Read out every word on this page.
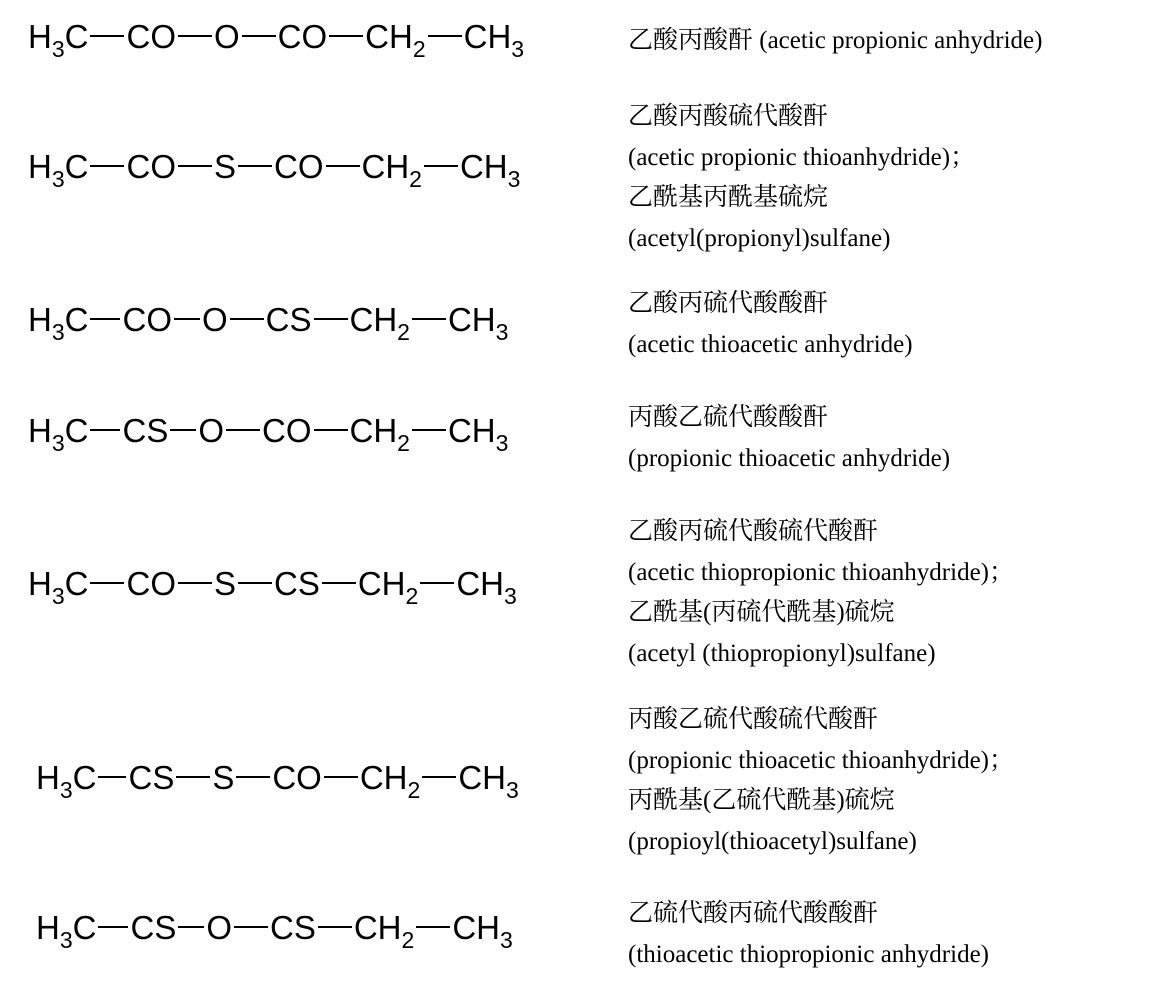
$H_3C$ CO O CO $CH_2$ $CH_3$	乙酸丙酸酐 (acetic propionic anhydride)
$H_3C$ CO S CO $CH_2$ $CH_3$
乙酸丙酸硫代酸酐
(acetic propionic thioanhydride)；
乙酰基丙酰基硫烷
(acetyl(propionyl)sulfane)
$H_3C$ CO O CS $CH_2$ $CH_3$
乙酸丙硫代酸酸酐
(acetic thioacetic anhydride)
$H_3C$ CS O CO $CH_2$ $CH_3$
丙酸乙硫代酸酸酐
(propionic thioacetic anhydride)
$H_3C$ CO S CS $CH_2$ $CH_3$
乙酸丙硫代酸硫代酸酐
(acetic thiopropionic thioanhydride)；
乙酰基(丙硫代酰基)硫烷
(acetyl (thiopropionyl)sulfane)
$H_3C$ CS S CO $CH_2$ $CH_3$
丙酸乙硫代酸硫代酸酐
(propionic thioacetic thioanhydride)；
丙酰基(乙硫代酰基)硫烷
(propioyl(thioacetyl)sulfane)
$H_3C$ CS O CS $CH_2$ $CH_3$
乙硫代酸丙硫代酸酸酐
(thioacetic thiopropionic anhydride)
